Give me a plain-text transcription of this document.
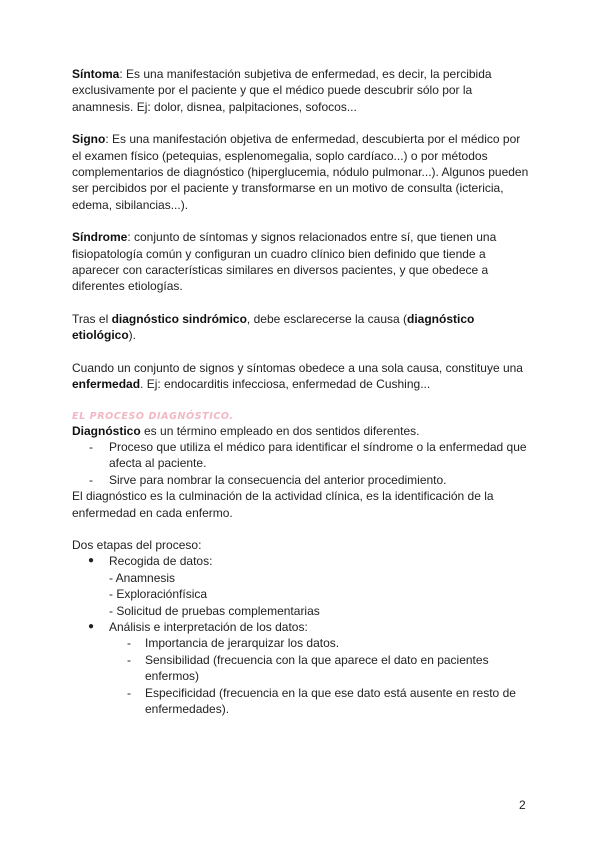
Síntoma: Es una manifestación subjetiva de enfermedad, es decir, la percibida exclusivamente por el paciente y que el médico puede descubrir sólo por la anamnesis. Ej: dolor, disnea, palpitaciones, sofocos...

Signo: Es una manifestación objetiva de enfermedad, descubierta por el médico por el examen físico (petequias, esplenomegalia, soplo cardíaco...) o por métodos complementarios de diagnóstico (hiperglucemia, nódulo pulmonar...). Algunos pueden ser percibidos por el paciente y transformarse en un motivo de consulta (ictericia, edema, sibilancias...).

Síndrome: conjunto de síntomas y signos relacionados entre sí, que tienen una fisiopatología común y configuran un cuadro clínico bien definido que tiende a aparecer con características similares en diversos pacientes, y que obedece a diferentes etiologías.

Tras el diagnóstico sindrómico, debe esclarecerse la causa (diagnóstico etiológico).

Cuando un conjunto de signos y síntomas obedece a una sola causa, constituye una enfermedad. Ej: endocarditis infecciosa, enfermedad de Cushing...

EL PROCESO DIAGNÓSTICO.

Diagnóstico es un término empleado en dos sentidos diferentes.

- Proceso que utiliza el médico para identificar el síndrome o la enfermedad que afecta al paciente.

- Sirve para nombrar la consecuencia del anterior procedimiento.

El diagnóstico es la culminación de la actividad clínica, es la identificación de la enfermedad en cada enfermo.

Dos etapas del proceso:

● Recogida de datos:

- Anamnesis

- Exploraciónfísica

- Solicitud de pruebas complementarias

● Análisis e interpretación de los datos:

- Importancia de jerarquizar los datos.

- Sensibilidad (frecuencia con la que aparece el dato en pacientes enfermos)

- Especificidad (frecuencia en la que ese dato está ausente en resto de enfermedades).

2
